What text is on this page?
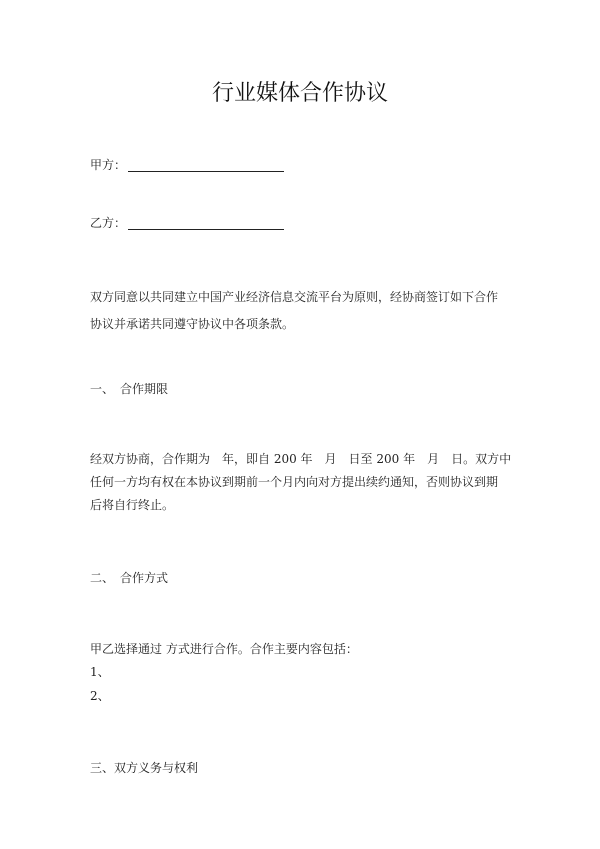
行业媒体合作协议
甲方：
乙方：
双方同意以共同建立中国产业经济信息交流平台为原则，经协商签订如下合作
协议并承诺共同遵守协议中各项条款。
一、　合作期限
经双方协商，合作期为　年，即自 200 年　月　日至 200 年　月　日。双方中
任何一方均有权在本协议到期前一个月内向对方提出续约通知，否则协议到期
后将自行终止。
二、　合作方式
甲乙选择通过 方式进行合作。合作主要内容包括：
1、
2、
三、双方义务与权利
